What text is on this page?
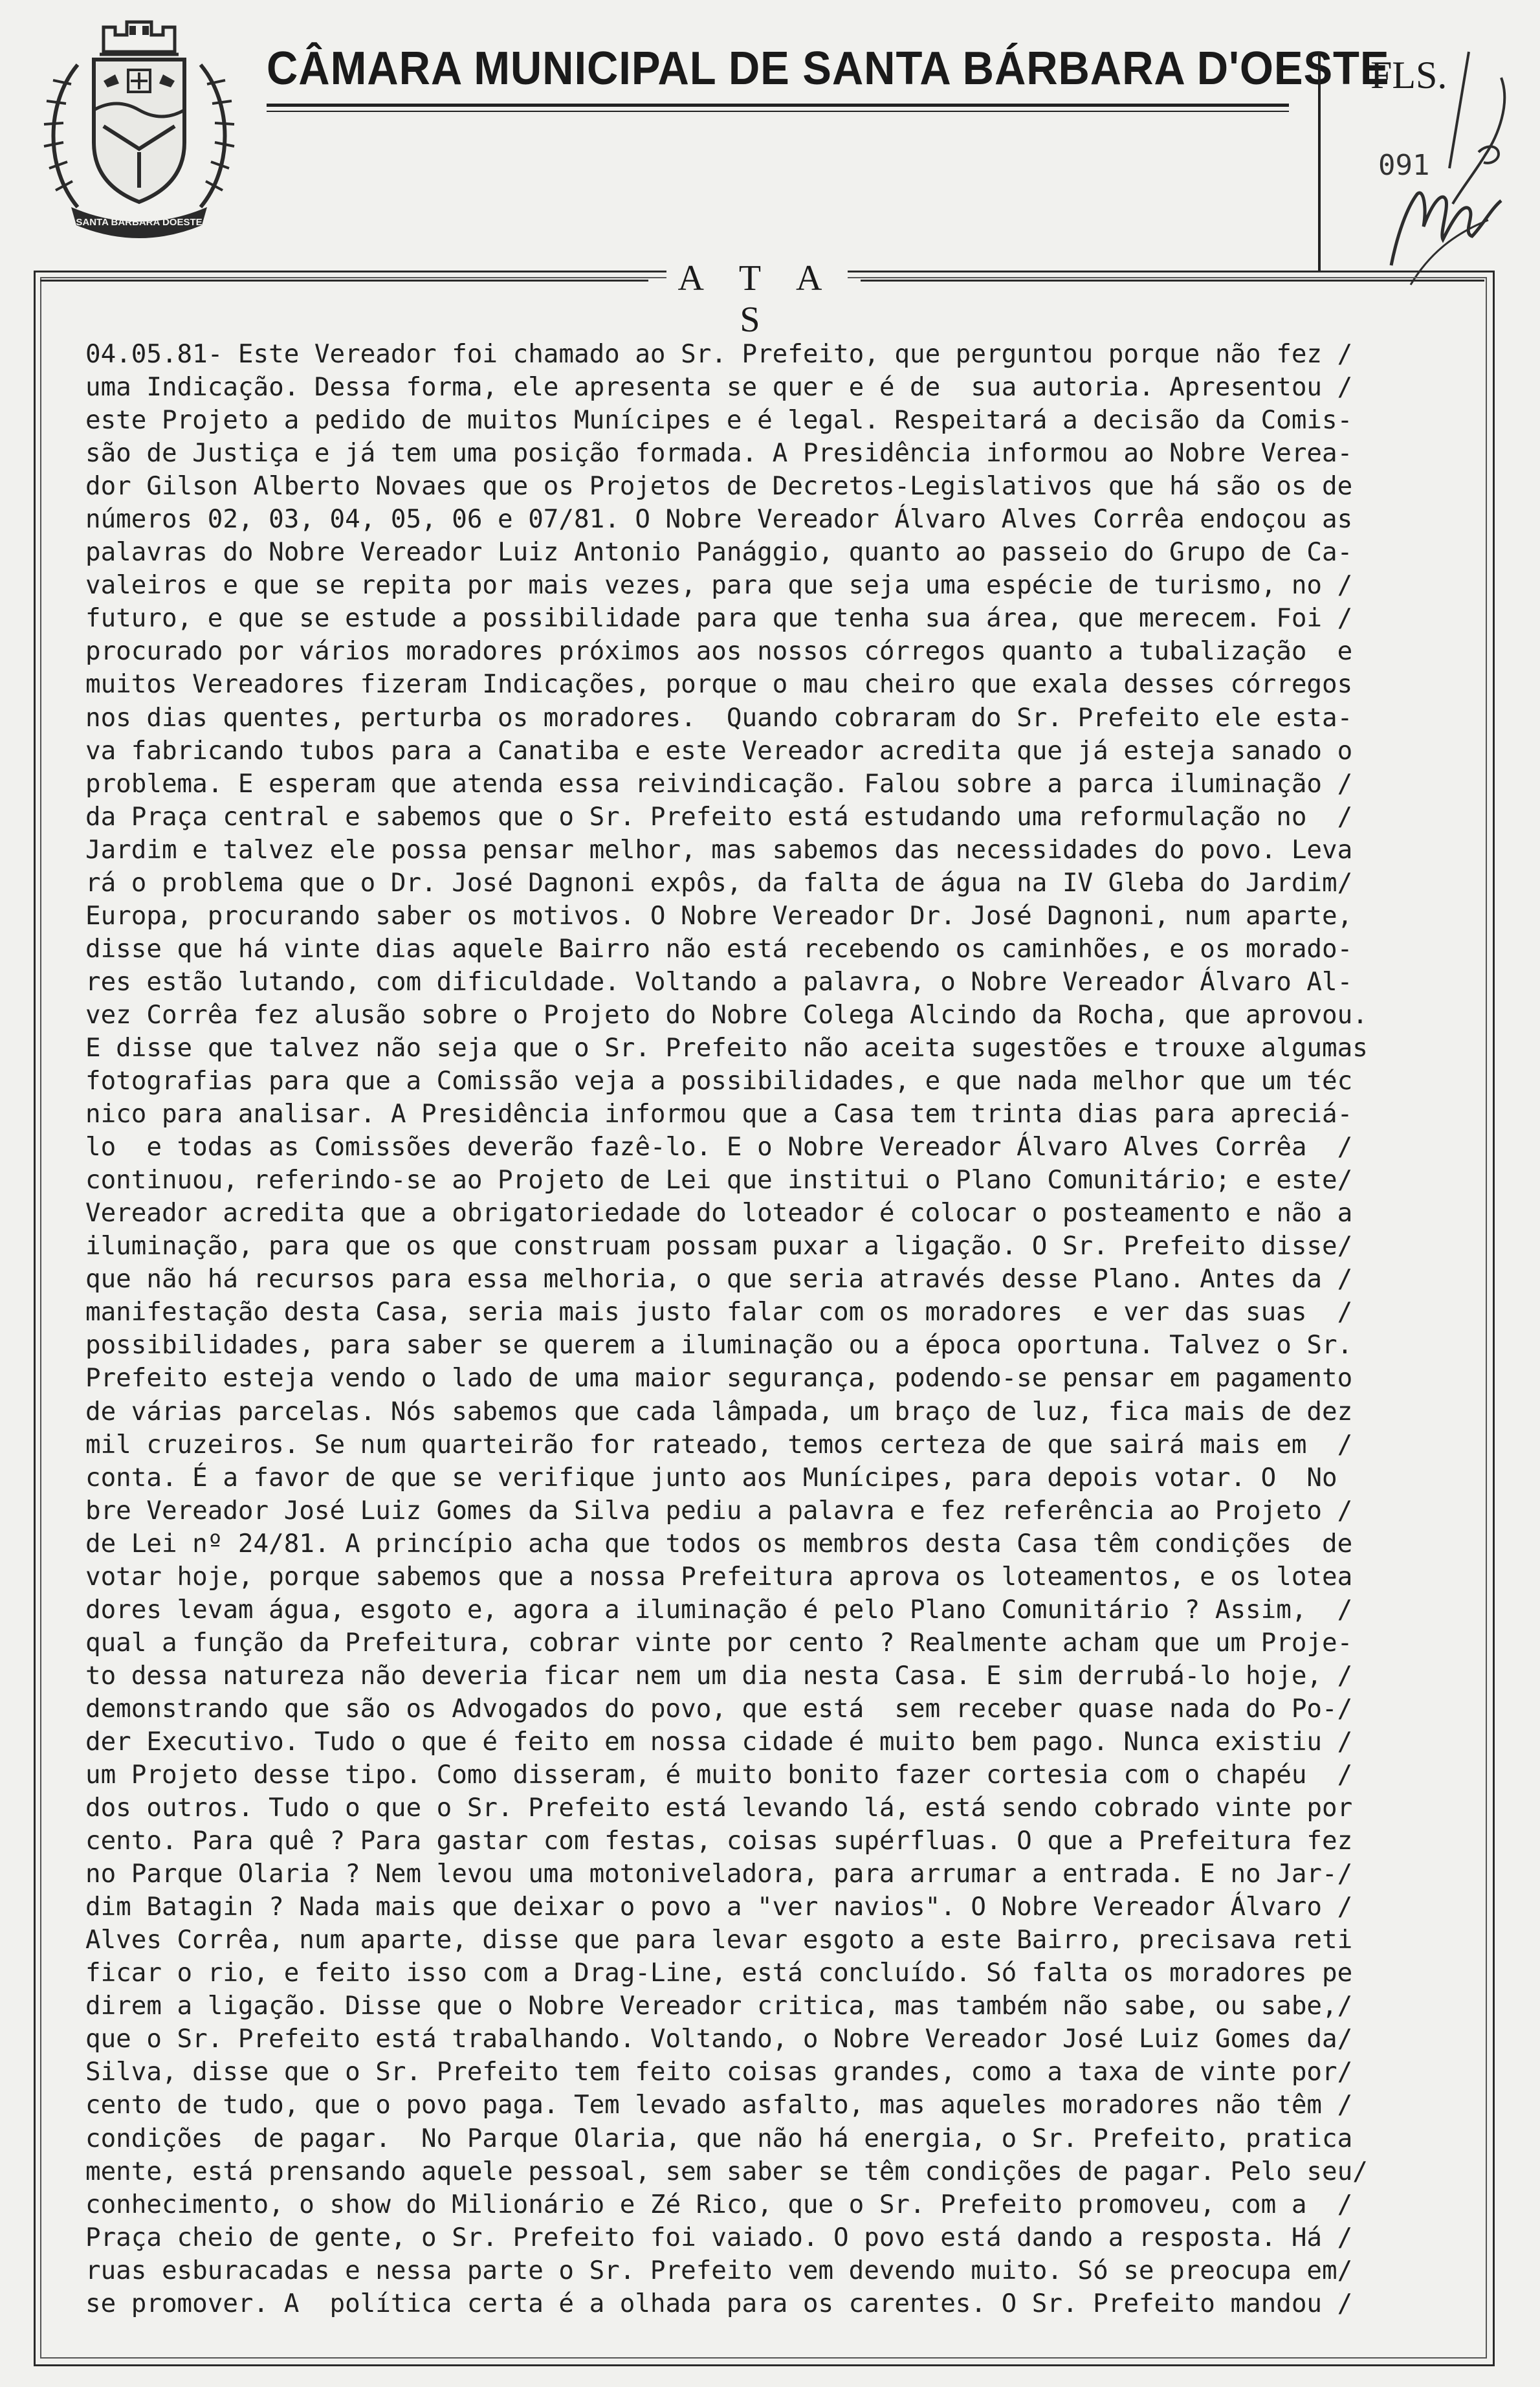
SANTA BARBARA DOESTE
CÂMARA MUNICIPAL DE SANTA BÁRBARA D'OESTE
FLS.
091
A T A S
04.05.81- Este Vereador foi chamado ao Sr. Prefeito, que perguntou porque não fez /
uma Indicação. Dessa forma, ele apresenta se quer e é de  sua autoria. Apresentou /
este Projeto a pedido de muitos Munícipes e é legal. Respeitará a decisão da Comis-
são de Justiça e já tem uma posição formada. A Presidência informou ao Nobre Verea-
dor Gilson Alberto Novaes que os Projetos de Decretos-Legislativos que há são os de
números 02, 03, 04, 05, 06 e 07/81. O Nobre Vereador Álvaro Alves Corrêa endoçou as
palavras do Nobre Vereador Luiz Antonio Panággio, quanto ao passeio do Grupo de Ca-
valeiros e que se repita por mais vezes, para que seja uma espécie de turismo, no /
futuro, e que se estude a possibilidade para que tenha sua área, que merecem. Foi /
procurado por vários moradores próximos aos nossos córregos quanto a tubalização  e
muitos Vereadores fizeram Indicações, porque o mau cheiro que exala desses córregos
nos dias quentes, perturba os moradores.  Quando cobraram do Sr. Prefeito ele esta-
va fabricando tubos para a Canatiba e este Vereador acredita que já esteja sanado o
problema. E esperam que atenda essa reivindicação. Falou sobre a parca iluminação /
da Praça central e sabemos que o Sr. Prefeito está estudando uma reformulação no  /
Jardim e talvez ele possa pensar melhor, mas sabemos das necessidades do povo. Leva
rá o problema que o Dr. José Dagnoni expôs, da falta de água na IV Gleba do Jardim/
Europa, procurando saber os motivos. O Nobre Vereador Dr. José Dagnoni, num aparte,
disse que há vinte dias aquele Bairro não está recebendo os caminhões, e os morado-
res estão lutando, com dificuldade. Voltando a palavra, o Nobre Vereador Álvaro Al-
vez Corrêa fez alusão sobre o Projeto do Nobre Colega Alcindo da Rocha, que aprovou.
E disse que talvez não seja que o Sr. Prefeito não aceita sugestões e trouxe algumas
fotografias para que a Comissão veja a possibilidades, e que nada melhor que um téc
nico para analisar. A Presidência informou que a Casa tem trinta dias para apreciá-
lo  e todas as Comissões deverão fazê-lo. E o Nobre Vereador Álvaro Alves Corrêa  /
continuou, referindo-se ao Projeto de Lei que institui o Plano Comunitário; e este/
Vereador acredita que a obrigatoriedade do loteador é colocar o posteamento e não a
iluminação, para que os que construam possam puxar a ligação. O Sr. Prefeito disse/
que não há recursos para essa melhoria, o que seria através desse Plano. Antes da /
manifestação desta Casa, seria mais justo falar com os moradores  e ver das suas  /
possibilidades, para saber se querem a iluminação ou a época oportuna. Talvez o Sr.
Prefeito esteja vendo o lado de uma maior segurança, podendo-se pensar em pagamento
de várias parcelas. Nós sabemos que cada lâmpada, um braço de luz, fica mais de dez
mil cruzeiros. Se num quarteirão for rateado, temos certeza de que sairá mais em  /
conta. É a favor de que se verifique junto aos Munícipes, para depois votar. O  No
bre Vereador José Luiz Gomes da Silva pediu a palavra e fez referência ao Projeto /
de Lei nº 24/81. A princípio acha que todos os membros desta Casa têm condições  de
votar hoje, porque sabemos que a nossa Prefeitura aprova os loteamentos, e os lotea
dores levam água, esgoto e, agora a iluminação é pelo Plano Comunitário ? Assim,  /
qual a função da Prefeitura, cobrar vinte por cento ? Realmente acham que um Proje-
to dessa natureza não deveria ficar nem um dia nesta Casa. E sim derrubá-lo hoje, /
demonstrando que são os Advogados do povo, que está  sem receber quase nada do Po-/
der Executivo. Tudo o que é feito em nossa cidade é muito bem pago. Nunca existiu /
um Projeto desse tipo. Como disseram, é muito bonito fazer cortesia com o chapéu  /
dos outros. Tudo o que o Sr. Prefeito está levando lá, está sendo cobrado vinte por
cento. Para quê ? Para gastar com festas, coisas supérfluas. O que a Prefeitura fez
no Parque Olaria ? Nem levou uma motoniveladora, para arrumar a entrada. E no Jar-/
dim Batagin ? Nada mais que deixar o povo a "ver navios". O Nobre Vereador Álvaro /
Alves Corrêa, num aparte, disse que para levar esgoto a este Bairro, precisava reti
ficar o rio, e feito isso com a Drag-Line, está concluído. Só falta os moradores pe
direm a ligação. Disse que o Nobre Vereador critica, mas também não sabe, ou sabe,/
que o Sr. Prefeito está trabalhando. Voltando, o Nobre Vereador José Luiz Gomes da/
Silva, disse que o Sr. Prefeito tem feito coisas grandes, como a taxa de vinte por/
cento de tudo, que o povo paga. Tem levado asfalto, mas aqueles moradores não têm /
condições  de pagar.  No Parque Olaria, que não há energia, o Sr. Prefeito, pratica
mente, está prensando aquele pessoal, sem saber se têm condições de pagar. Pelo seu/
conhecimento, o show do Milionário e Zé Rico, que o Sr. Prefeito promoveu, com a  /
Praça cheio de gente, o Sr. Prefeito foi vaiado. O povo está dando a resposta. Há /
ruas esburacadas e nessa parte o Sr. Prefeito vem devendo muito. Só se preocupa em/
se promover. A  política certa é a olhada para os carentes. O Sr. Prefeito mandou /
